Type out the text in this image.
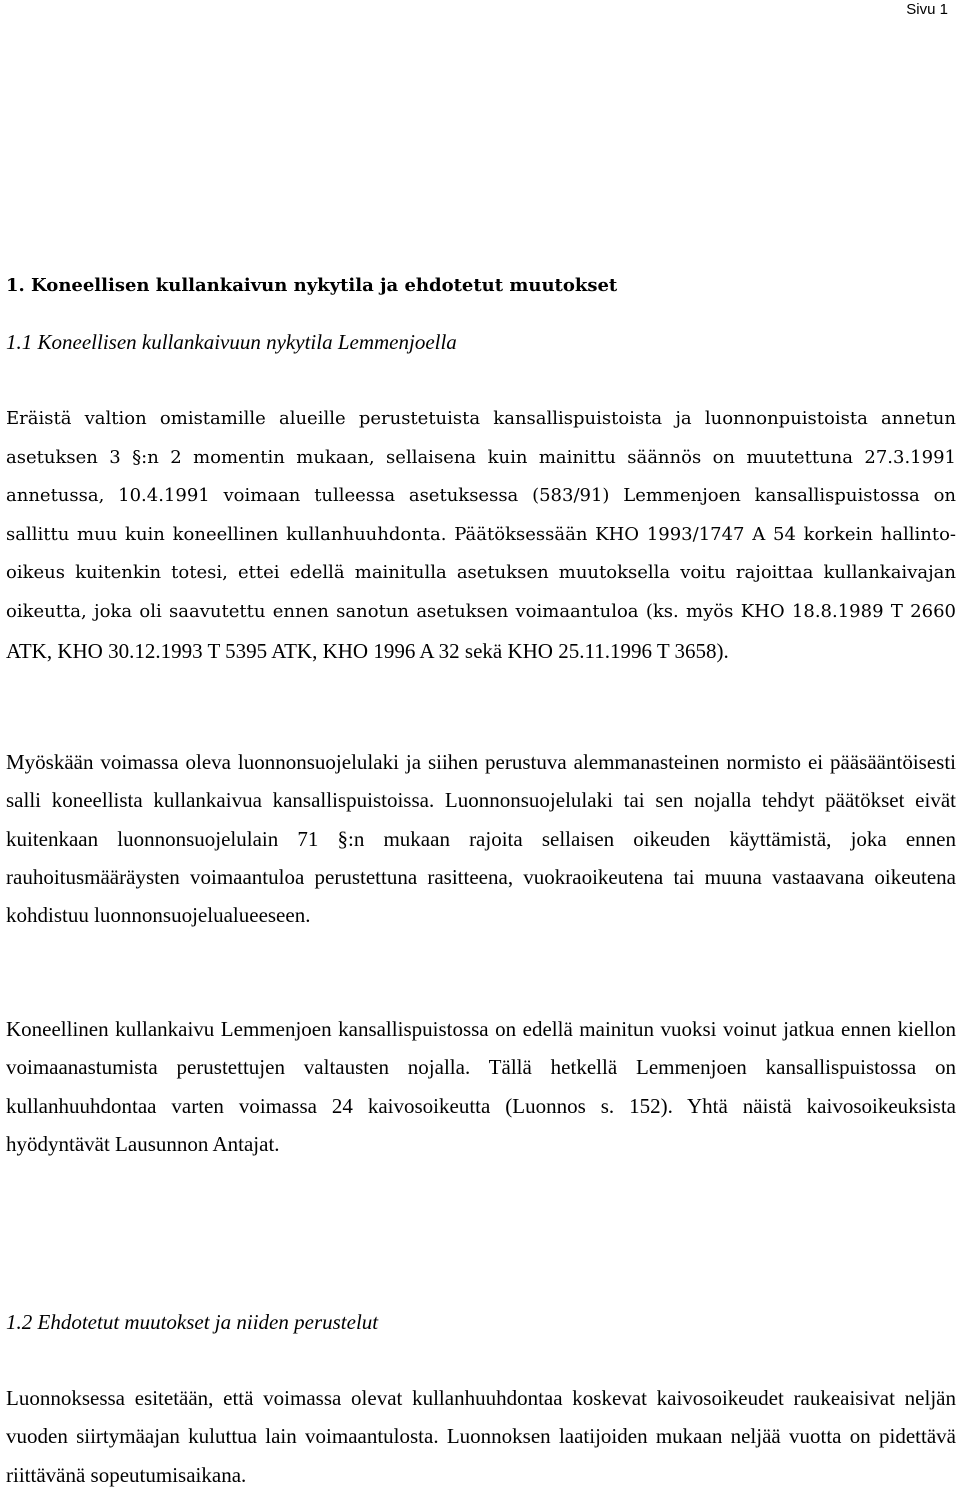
Sivu 1
1. Koneellisen kullankaivun nykytila ja ehdotetut muutokset
1.1 Koneellisen kullankaivuun nykytila Lemmenjoella
Eräistä valtion omistamille alueille perustetuista kansallispuistoista ja luonnonpuistoista annetun asetuksen 3 §:n 2 momentin mukaan, sellaisena kuin mainittu säännös on muutettuna 27.3.1991 annetussa, 10.4.1991 voimaan tulleessa asetuksessa (583/91) Lemmenjoen kansallispuistossa on sallittu muu kuin koneellinen kullanhuuhdonta. Päätöksessään KHO 1993/1747 A 54 korkein hallinto-oikeus kuitenkin totesi, ettei edellä mainitulla asetuksen muutoksella voitu rajoittaa kullankaivajan oikeutta, joka oli saavutettu ennen sanotun asetuksen voimaantuloa (ks. myös KHO 18.8.1989 T 2660 ATK, KHO 30.12.1993 T 5395 ATK, KHO 1996 A 32 sekä KHO 25.11.1996 T 3658).
Myöskään voimassa oleva luonnonsuojelulaki ja siihen perustuva alemmanasteinen normisto ei pääsääntöisesti salli koneellista kullankaivua kansallispuistoissa. Luonnonsuojelulaki tai sen nojalla tehdyt päätökset eivät kuitenkaan luonnonsuojelulain 71 §:n mukaan rajoita sellaisen oikeuden käyttämistä, joka ennen rauhoitusmääräysten voimaantuloa perustettuna rasitteena, vuokraoikeutena tai muuna vastaavana oikeutena kohdistuu luonnonsuojelualueeseen.
Koneellinen kullankaivu Lemmenjoen kansallispuistossa on edellä mainitun vuoksi voinut jatkua ennen kiellon voimaanastumista perustettujen valtausten nojalla. Tällä hetkellä Lemmenjoen kansallispuistossa on kullanhuuhdontaa varten voimassa 24 kaivosoikeutta (Luonnos s. 152). Yhtä näistä kaivosoikeuksista hyödyntävät Lausunnon Antajat.
1.2 Ehdotetut muutokset ja niiden perustelut
Luonnoksessa esitetään, että voimassa olevat kullanhuuhdontaa koskevat kaivosoikeudet raukeaisivat neljän vuoden siirtymäajan kuluttua lain voimaantulosta. Luonnoksen laatijoiden mukaan neljää vuotta on pidettävä riittävänä sopeutumisaikana.
